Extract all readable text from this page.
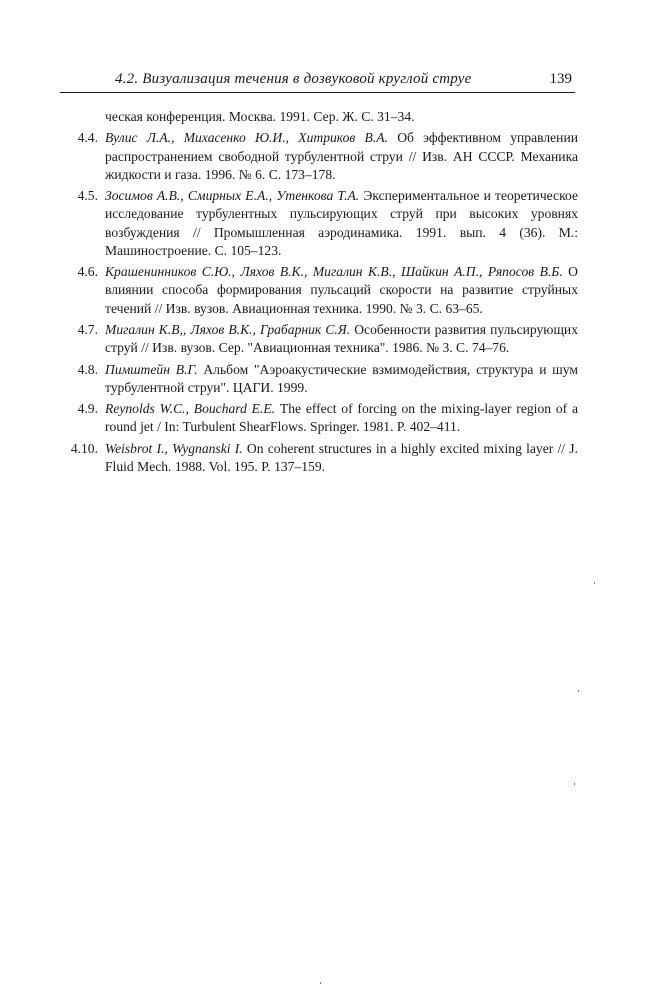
4.2. Визуализация течения в дозвуковой круглой струе	139
ческая конференция. Москва. 1991. Сер. Ж. С. 31–34.
4.4. Вулис Л.А., Михасенко Ю.И., Хитриков В.А. Об эффективном управлении распространением свободной турбулентной струи // Изв. АН СССР. Механика жидкости и газа. 1996. № 6. С. 173–178.
4.5. Зосимов А.В., Смирных Е.А., Утенкова Т.А. Экспериментальное и теоретическое исследование турбулентных пульсирующих струй при высоких уровнях возбуждения // Промышленная аэродинамика. 1991. вып. 4 (36). М.: Машиностроение. С. 105–123.
4.6. Крашенинников С.Ю., Ляхов В.К., Мигалин К.В., Шайкин А.П., Ряпосов В.Б. О влиянии способа формирования пульсаций скорости на развитие струйных течений // Изв. вузов. Авиационная техника. 1990. № 3. С. 63–65.
4.7. Мигалин К.В,, Ляхов В.К., Грабарник С.Я. Особенности развития пульсирующих струй // Изв. вузов. Сер. "Авиационная техника". 1986. № 3. С. 74–76.
4.8. Пимштейн В.Г. Альбом "Аэроакустические взмимодействия, структура и шум турбулентной струи". ЦАГИ. 1999.
4.9. Reynolds W.C., Bouchard E.E. The effect of forcing on the mixing-layer region of a round jet / In: Turbulent ShearFlows. Springer. 1981. P. 402–411.
4.10. Weisbrot I., Wygnanski I. On coherent structures in a highly excited mixing layer // J. Fluid Mech. 1988. Vol. 195. P. 137–159.
